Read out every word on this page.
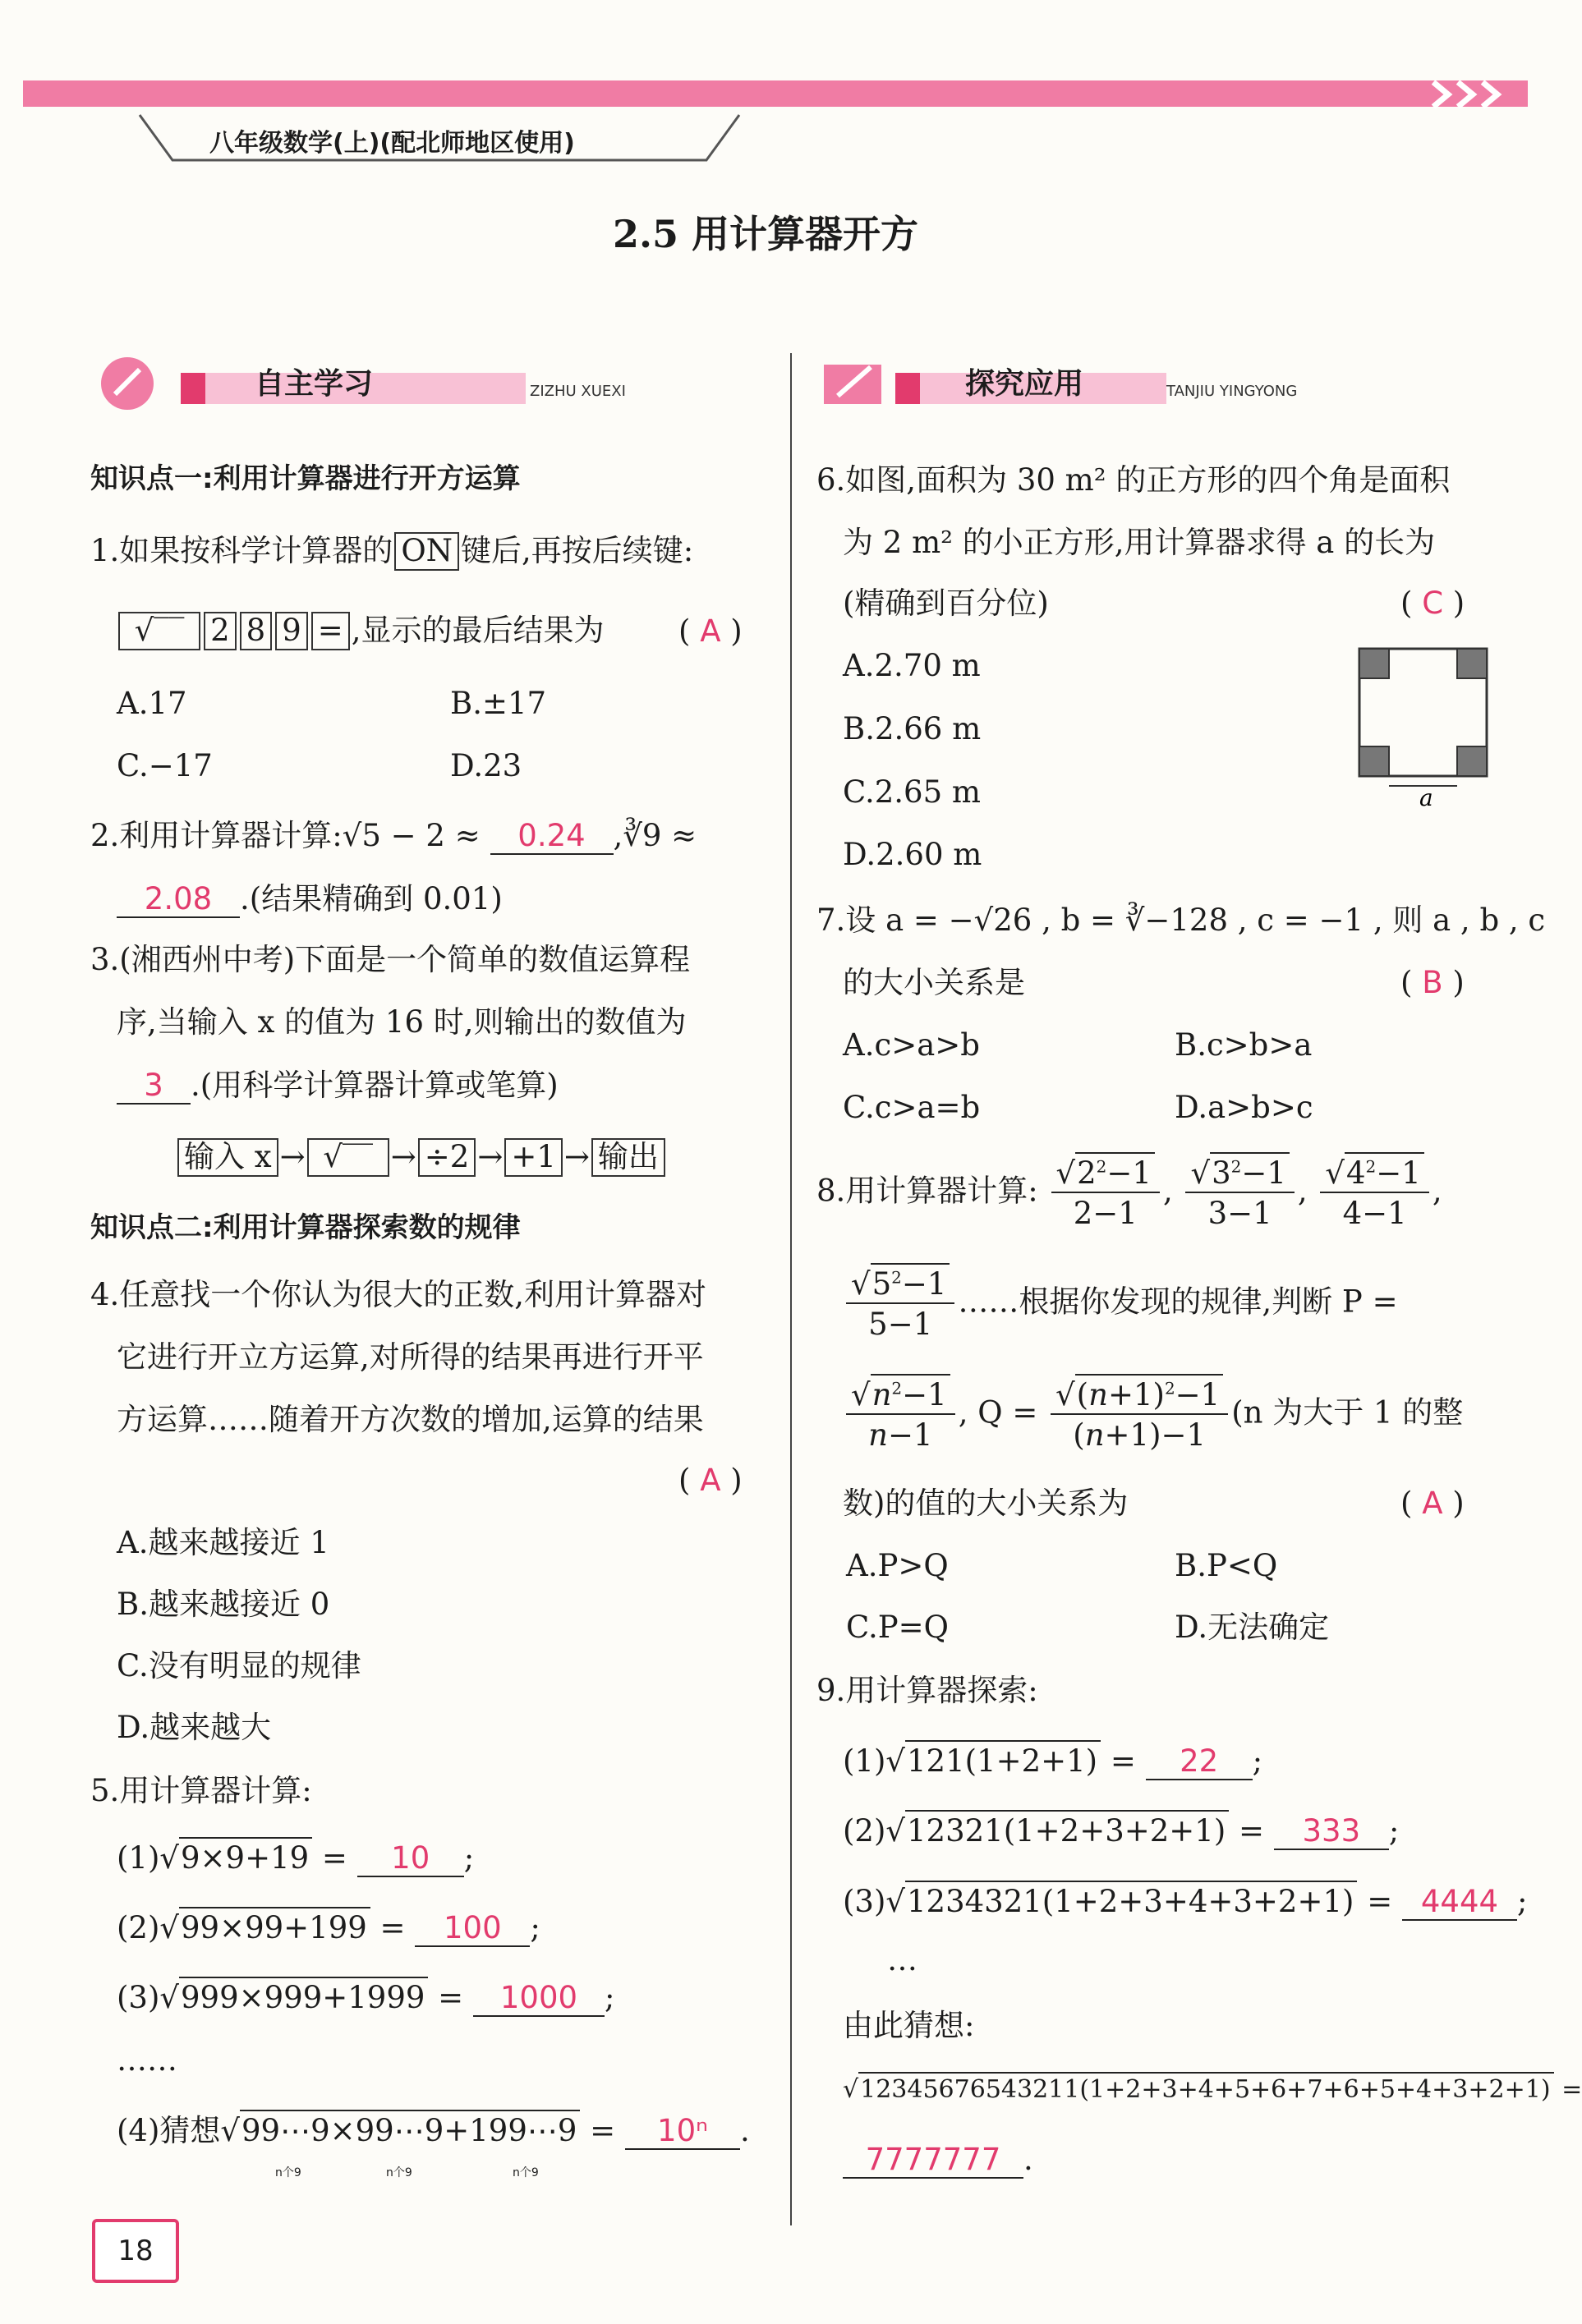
八年级数学(上)(配北师地区使用)
2.5 用计算器开方
ZIZHU XUEXI
自主学习	TANJIU YINGYONG
探究应用
知识点一:利用计算器进行开方运算
1.如果按科学计算器的 ON 键后,再按后续键:
√‾‾ 2 8 9 = ,显示的最后结果为 ( A )
A.17	B.±17
C.−17	D.23
2.利用计算器计算:√5 − 2 ≈ 0.24 ,∛9 ≈
2.08 .(结果精确到 0.01)
3.(湘西州中考)下面是一个简单的数值运算程
序,当输入 x 的值为 16 时,则输出的数值为
3 .(用科学计算器计算或笔算)
输入 x → √‾‾ → ÷2 → +1 → 输出
知识点二:利用计算器探索数的规律
4.任意找一个你认为很大的正数,利用计算器对
它进行开立方运算,对所得的结果再进行开平
方运算……随着开方次数的增加,运算的结果
( A )
A.越来越接近 1
B.越来越接近 0
C.没有明显的规律
D.越来越大
5.用计算器计算:
(1)√9×9+19 = 10 ;
(2)√99×99+199 = 100 ;
(3)√999×999+1999 = 1000 ;
……
(4)猜想√99⋯9×99⋯9+199⋯9 = 10ⁿ .
n个9	n个9	n个9
6.如图,面积为 30 m² 的正方形的四个角是面积
为 2 m² 的小正方形,用计算器求得 a 的长为
(精确到百分位)	( C )
A.2.70 m
B.2.66 m
C.2.65 m
D.2.60 m
a
7.设 a = −√26 , b = ∛−128 , c = −1 , 则 a , b , c
的大小关系是	( B )
A.c>a>b	B.c>b>a
C.c>a=b	D.a>b>c
8.用计算器计算: $\frac{√2^2-1}{2-1}$ , $\frac{√3^2-1}{3-1}$ , $\frac{√4^2-1}{4-1}$ ,
$\frac{√5^2-1}{5-1}$ ……根据你发现的规律,判断 P =
$\frac{√n^2-1}{n-1}$ , $Q = \frac{√(n+1)^2-1}{(n+1)-1} (n$ 为大于 1 的整
数)的值的大小关系为	( A )
A.P>Q	B.P<Q
C.P=Q	D.无法确定
9.用计算器探索:
(1)√121(1+2+1) = 22 ;
(2)√12321(1+2+3+2+1) = 333 ;
(3)√1234321(1+2+3+4+3+2+1) = 4444 ;
…
由此猜想:
√12345676543211(1+2+3+4+5+6+7+6+5+4+3+2+1) =
7777777 .
18
